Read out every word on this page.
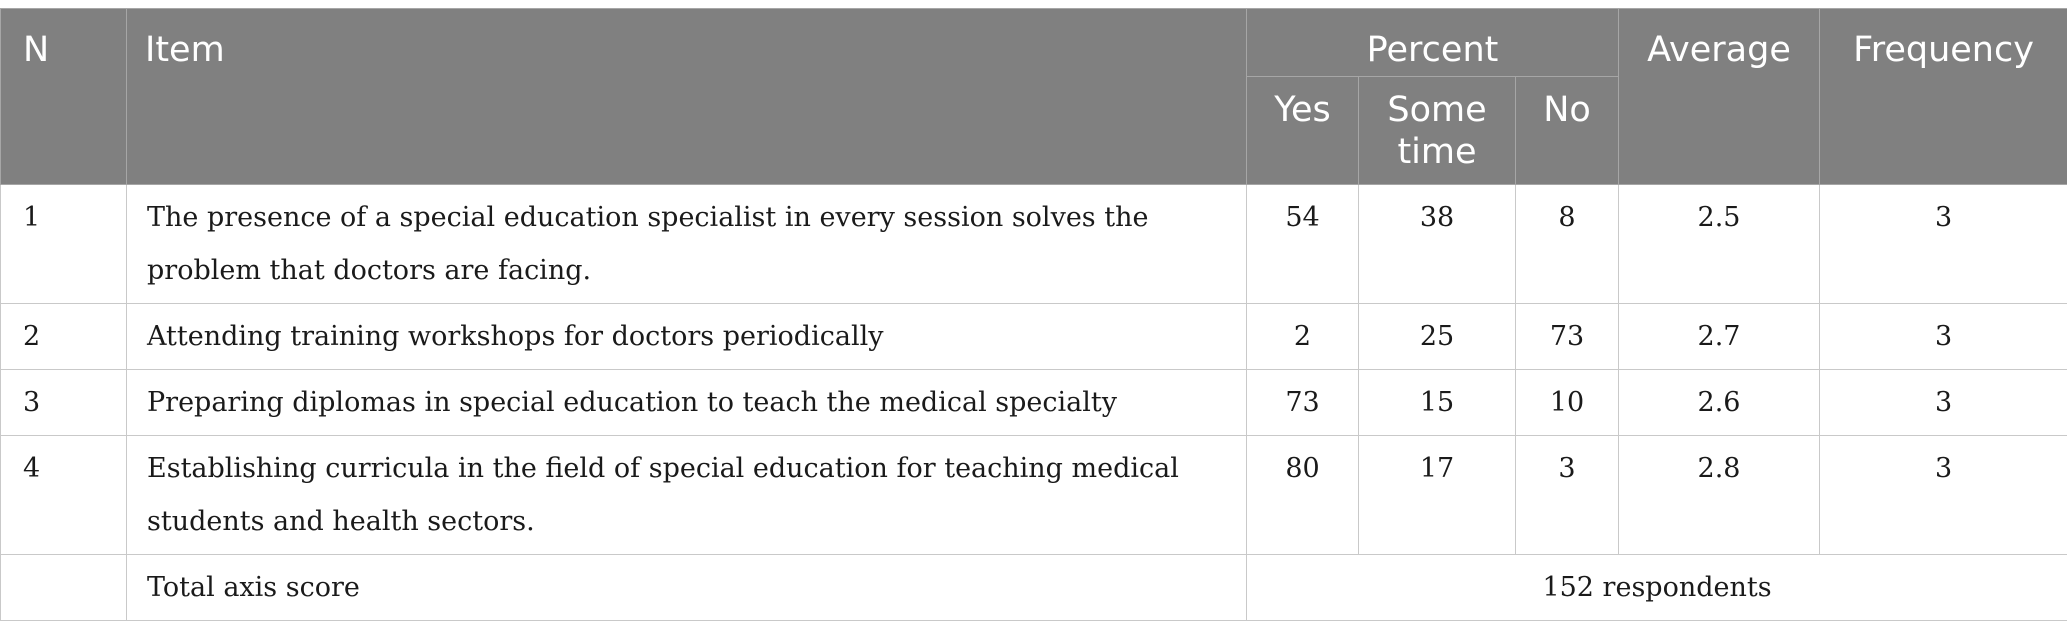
N	Item	Percent			Average	Frequency
		Yes	Some time	No		
1	The presence of a special education specialist in every session solves the problem that doctors are facing.	54	38	8	2.5	3
2	Attending training workshops for doctors periodically	2	25	73	2.7	3
3	Preparing diplomas in special education to teach the medical specialty	73	15	10	2.6	3
4	Establishing curricula in the field of special education for teaching medical students and health sectors.	80	17	3	2.8	3
	Total axis score	152 respondents				
